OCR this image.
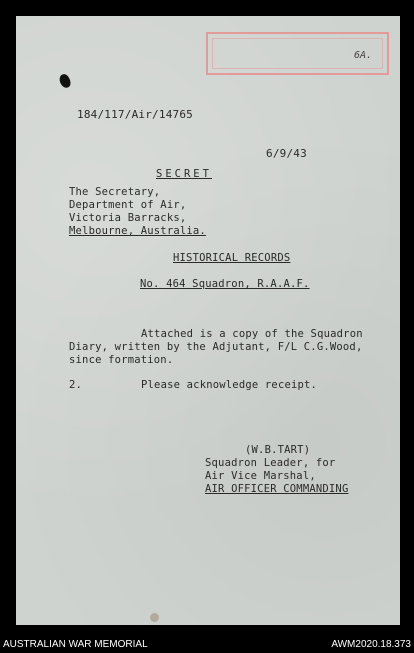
6A.
184/117/Air/14765
6/9/43
SECRET
The Secretary,
Department of Air,
Victoria Barracks,
Melbourne, Australia.
HISTORICAL RECORDS
No. 464 Squadron, R.A.A.F.
Attached is a copy of the Squadron
Diary, written by the Adjutant, F/L C.G.Wood,
since formation.
2.	Please acknowledge receipt.
(W.B.TART)
Squadron Leader, for
Air Vice Marshal,
AIR OFFICER COMMANDING
AUSTRALIAN WAR MEMORIAL	AWM2020.18.373
